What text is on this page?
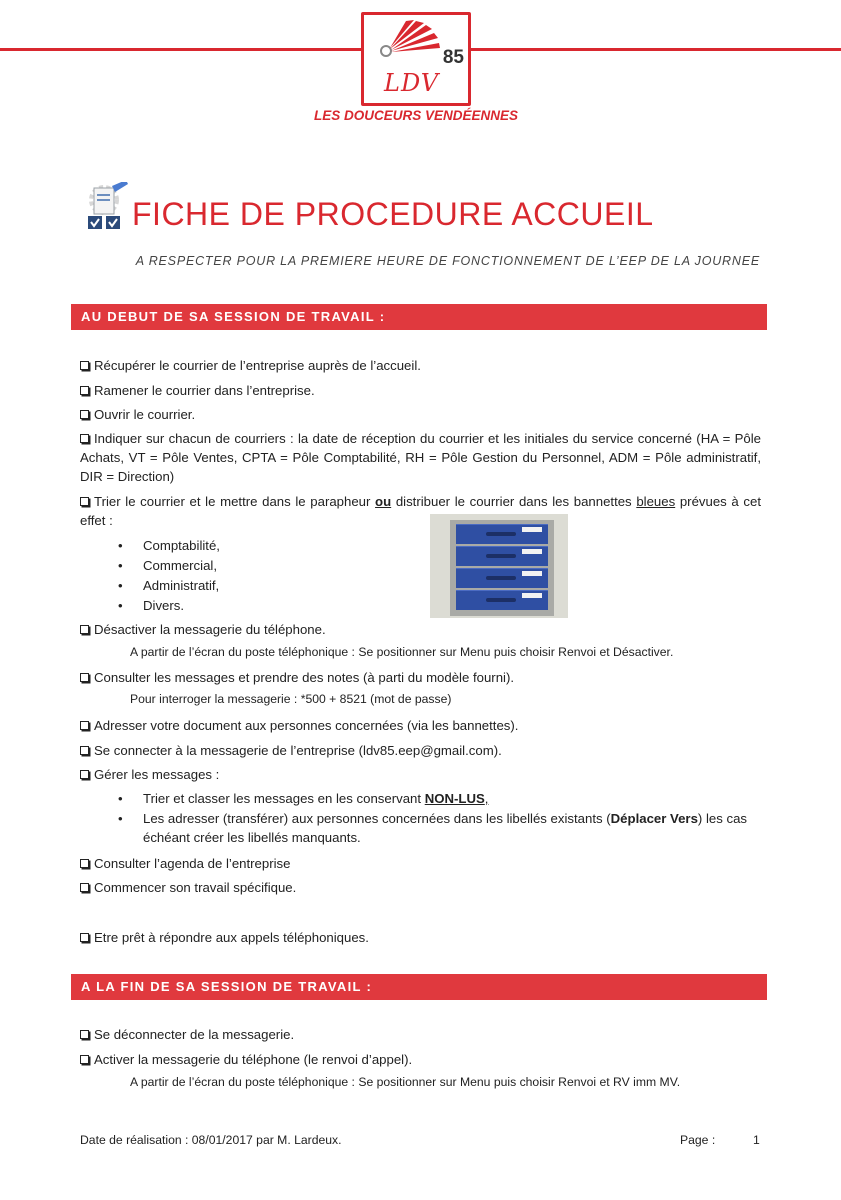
85
LDV
LES DOUCEURS VENDÉENNES
FICHE DE PROCEDURE ACCUEIL
A RESPECTER POUR LA PREMIERE HEURE DE FONCTIONNEMENT DE L’EEP DE LA JOURNEE
AU DEBUT DE SA SESSION DE TRAVAIL :
Récupérer le courrier de l’entreprise auprès de l’accueil.
Ramener le courrier dans l’entreprise.
Ouvrir le courrier.
Indiquer sur chacun de courriers : la date de réception du courrier et les initiales du service concerné (HA = Pôle Achats, VT = Pôle Ventes, CPTA = Pôle Comptabilité, RH = Pôle Gestion du Personnel, ADM = Pôle administratif, DIR = Direction)
Trier le courrier et le mettre dans le parapheur ou distribuer le courrier dans les bannettes bleues prévues à cet effet :
• Comptabilité,
• Commercial,
• Administratif,
• Divers.
Désactiver la messagerie du téléphone.
A partir de l’écran du poste téléphonique : Se positionner sur Menu puis choisir Renvoi et Désactiver.
Consulter les messages et prendre des notes (à parti du modèle fourni).
Pour interroger la messagerie : *500 + 8521 (mot de passe)
Adresser votre document aux personnes concernées (via les bannettes).
Se connecter à la messagerie de l’entreprise (ldv85.eep@gmail.com).
Gérer les messages :
• Trier et classer les messages en les conservant NON-LUS,
• Les adresser (transférer) aux personnes concernées dans les libellés existants (Déplacer Vers) les cas échéant créer les libellés manquants.
Consulter l’agenda de l’entreprise
Commencer son travail spécifique.
Etre prêt à répondre aux appels téléphoniques.
A LA FIN DE SA SESSION DE TRAVAIL :
Se déconnecter de la messagerie.
Activer la messagerie du téléphone (le renvoi d’appel).
A partir de l’écran du poste téléphonique : Se positionner sur Menu puis choisir Renvoi et RV imm MV.
Date de réalisation : 08/01/2017 par M. Lardeux.	Page :	1
